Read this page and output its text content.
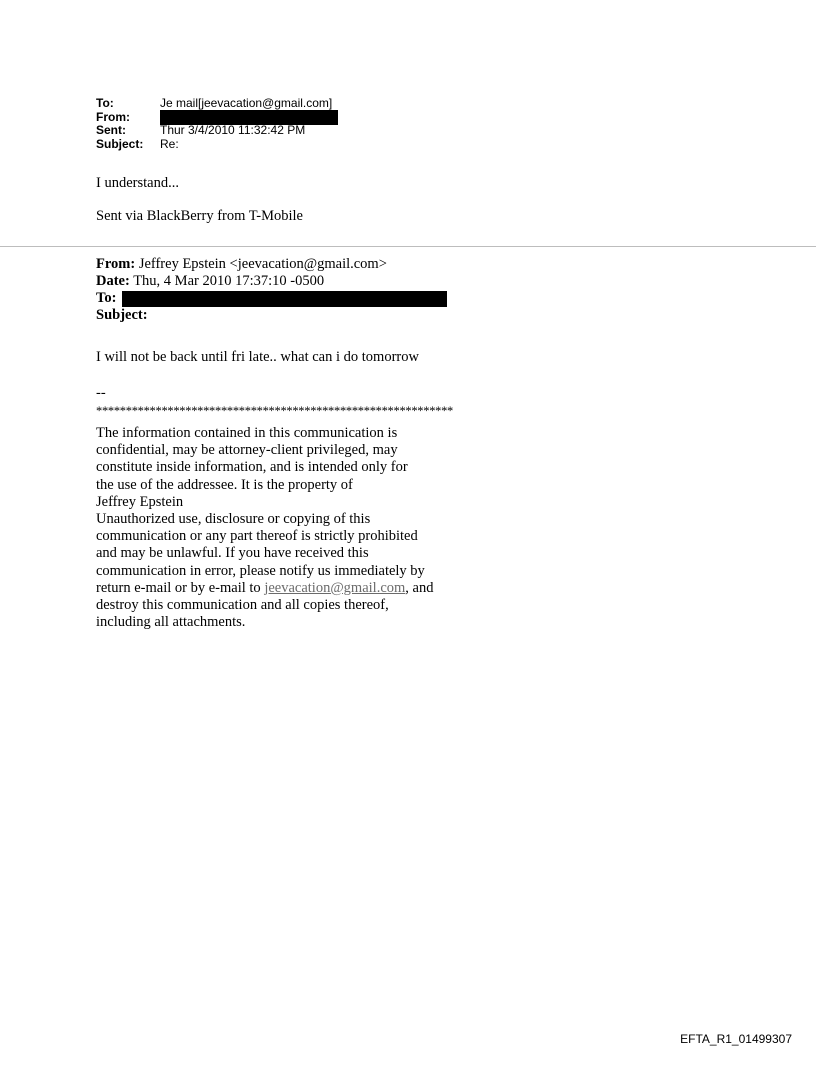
To:	Je mail[jeevacation@gmail.com]
From:
Sent:	Thur 3/4/2010 11:32:42 PM
Subject:	Re:
I understand...
Sent via BlackBerry from T-Mobile
From: Jeffrey Epstein <jeevacation@gmail.com>
Date: Thu, 4 Mar 2010 17:37:10 -0500
To:
Subject:
I will not be back until fri late.. what can i do tomorrow
--
************************************************************
The information contained in this communication is
confidential, may be attorney-client privileged, may
constitute inside information, and is intended only for
the use of the addressee. It is the property of
Jeffrey Epstein
Unauthorized use, disclosure or copying of this
communication or any part thereof is strictly prohibited
and may be unlawful. If you have received this
communication in error, please notify us immediately by
return e-mail or by e-mail to jeevacation@gmail.com, and
destroy this communication and all copies thereof,
including all attachments.
EFTA_R1_01499307
